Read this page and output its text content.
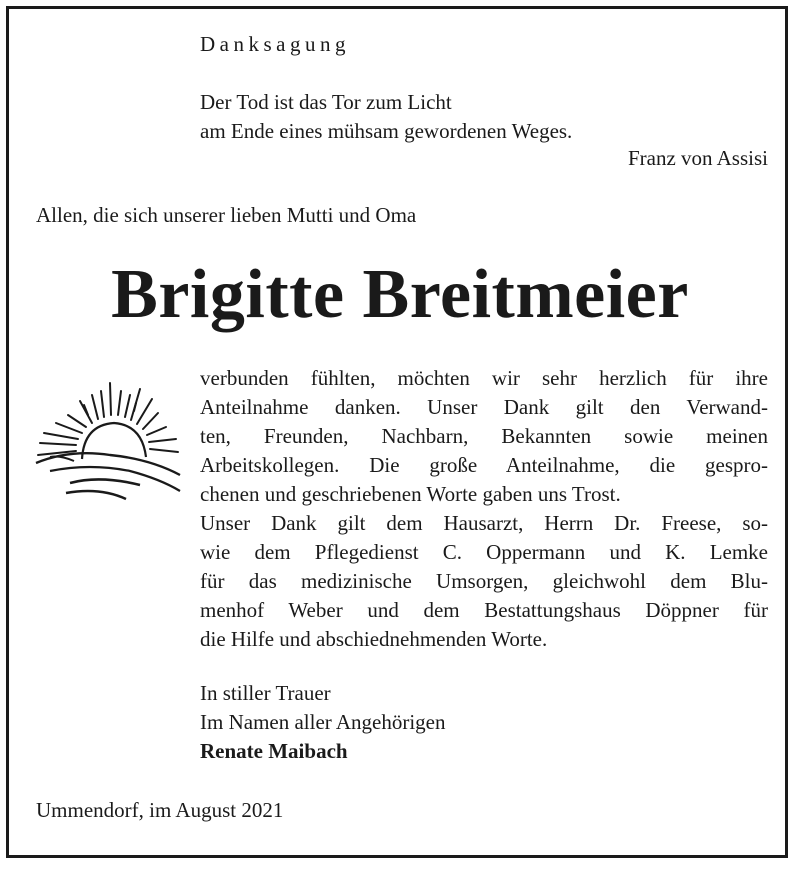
Danksagung
Der Tod ist das Tor zum Licht
am Ende eines mühsam gewordenen Weges.
Franz von Assisi
Allen, die sich unserer lieben Mutti und Oma
Brigitte Breitmeier
verbunden fühlten, möchten wir sehr herzlich für ihre
Anteilnahme danken. Unser Dank gilt den Verwand-
ten, Freunden, Nachbarn, Bekannten sowie meinen
Arbeitskollegen. Die große Anteilnahme, die gespro-
chenen und geschriebenen Worte gaben uns Trost.
Unser Dank gilt dem Hausarzt, Herrn Dr. Freese, so-
wie dem Pflegedienst C. Oppermann und K. Lemke
für das medizinische Umsorgen, gleichwohl dem Blu-
menhof Weber und dem Bestattungshaus Döppner für
die Hilfe und abschiednehmenden Worte.
In stiller Trauer
Im Namen aller Angehörigen
Renate Maibach
Ummendorf, im August 2021
